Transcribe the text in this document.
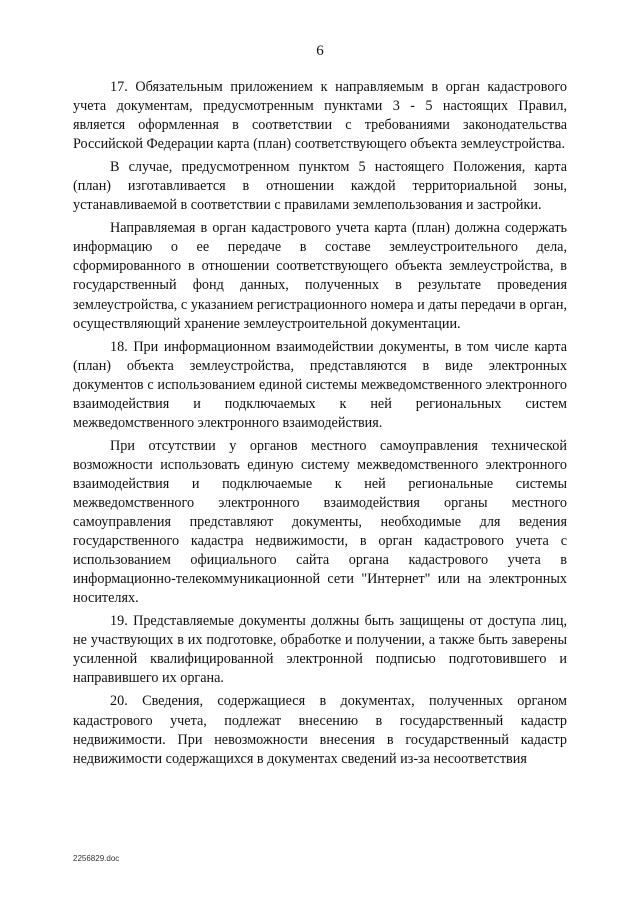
6

17. Обязательным приложением к направляемым в орган кадастрового учета документам, предусмотренным пунктами 3 - 5 настоящих Правил, является оформленная в соответствии с требованиями законодательства Российской Федерации карта (план) соответствующего объекта землеустройства.

В случае, предусмотренном пунктом 5 настоящего Положения, карта (план) изготавливается в отношении каждой территориальной зоны, устанавливаемой в соответствии с правилами землепользования и застройки.

Направляемая в орган кадастрового учета карта (план) должна содержать информацию о ее передаче в составе землеустроительного дела, сформированного в отношении соответствующего объекта землеустройства, в государственный фонд данных, полученных в результате проведения землеустройства, с указанием регистрационного номера и даты передачи в орган, осуществляющий хранение землеустроительной документации.

18. При информационном взаимодействии документы, в том числе карта (план) объекта землеустройства, представляются в виде электронных документов с использованием единой системы межведомственного электронного взаимодействия и подключаемых к ней региональных систем межведомственного электронного взаимодействия.

При отсутствии у органов местного самоуправления технической возможности использовать единую систему межведомственного электронного взаимодействия и подключаемые к ней региональные системы межведомственного электронного взаимодействия органы местного самоуправления представляют документы, необходимые для ведения государственного кадастра недвижимости, в орган кадастрового учета с использованием официального сайта органа кадастрового учета в информационно-телекоммуникационной сети "Интернет" или на электронных носителях.

19. Представляемые документы должны быть защищены от доступа лиц, не участвующих в их подготовке, обработке и получении, а также быть заверены усиленной квалифицированной электронной подписью подготовившего и направившего их органа.

20. Сведения, содержащиеся в документах, полученных органом кадастрового учета, подлежат внесению в государственный кадастр недвижимости. При невозможности внесения в государственный кадастр недвижимости содержащихся в документах сведений из-за несоответствия

2256829.doc
